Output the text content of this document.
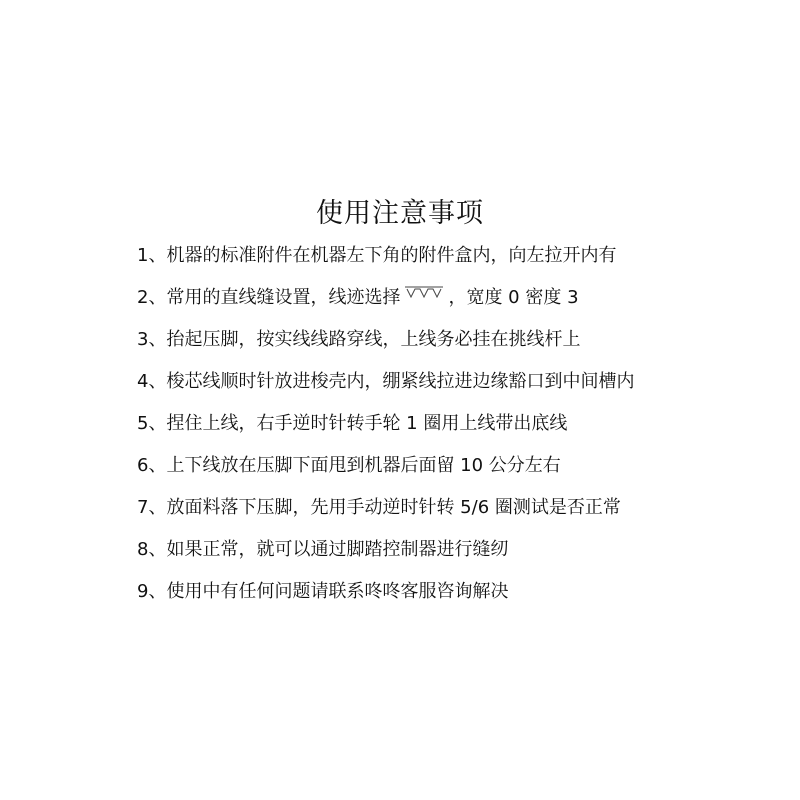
使用注意事项
1、机器的标准附件在机器左下角的附件盒内，向左拉开内有
2、常用的直线缝设置，线迹选择	，宽度 0 密度 3
3、抬起压脚，按实线线路穿线，上线务必挂在挑线杆上
4、梭芯线顺时针放进梭壳内，绷紧线拉进边缘豁口到中间槽内
5、捏住上线，右手逆时针转手轮 1 圈用上线带出底线
6、上下线放在压脚下面甩到机器后面留 10 公分左右
7、放面料落下压脚，先用手动逆时针转 5/6 圈测试是否正常
8、如果正常，就可以通过脚踏控制器进行缝纫
9、使用中有任何问题请联系咚咚客服咨询解决
